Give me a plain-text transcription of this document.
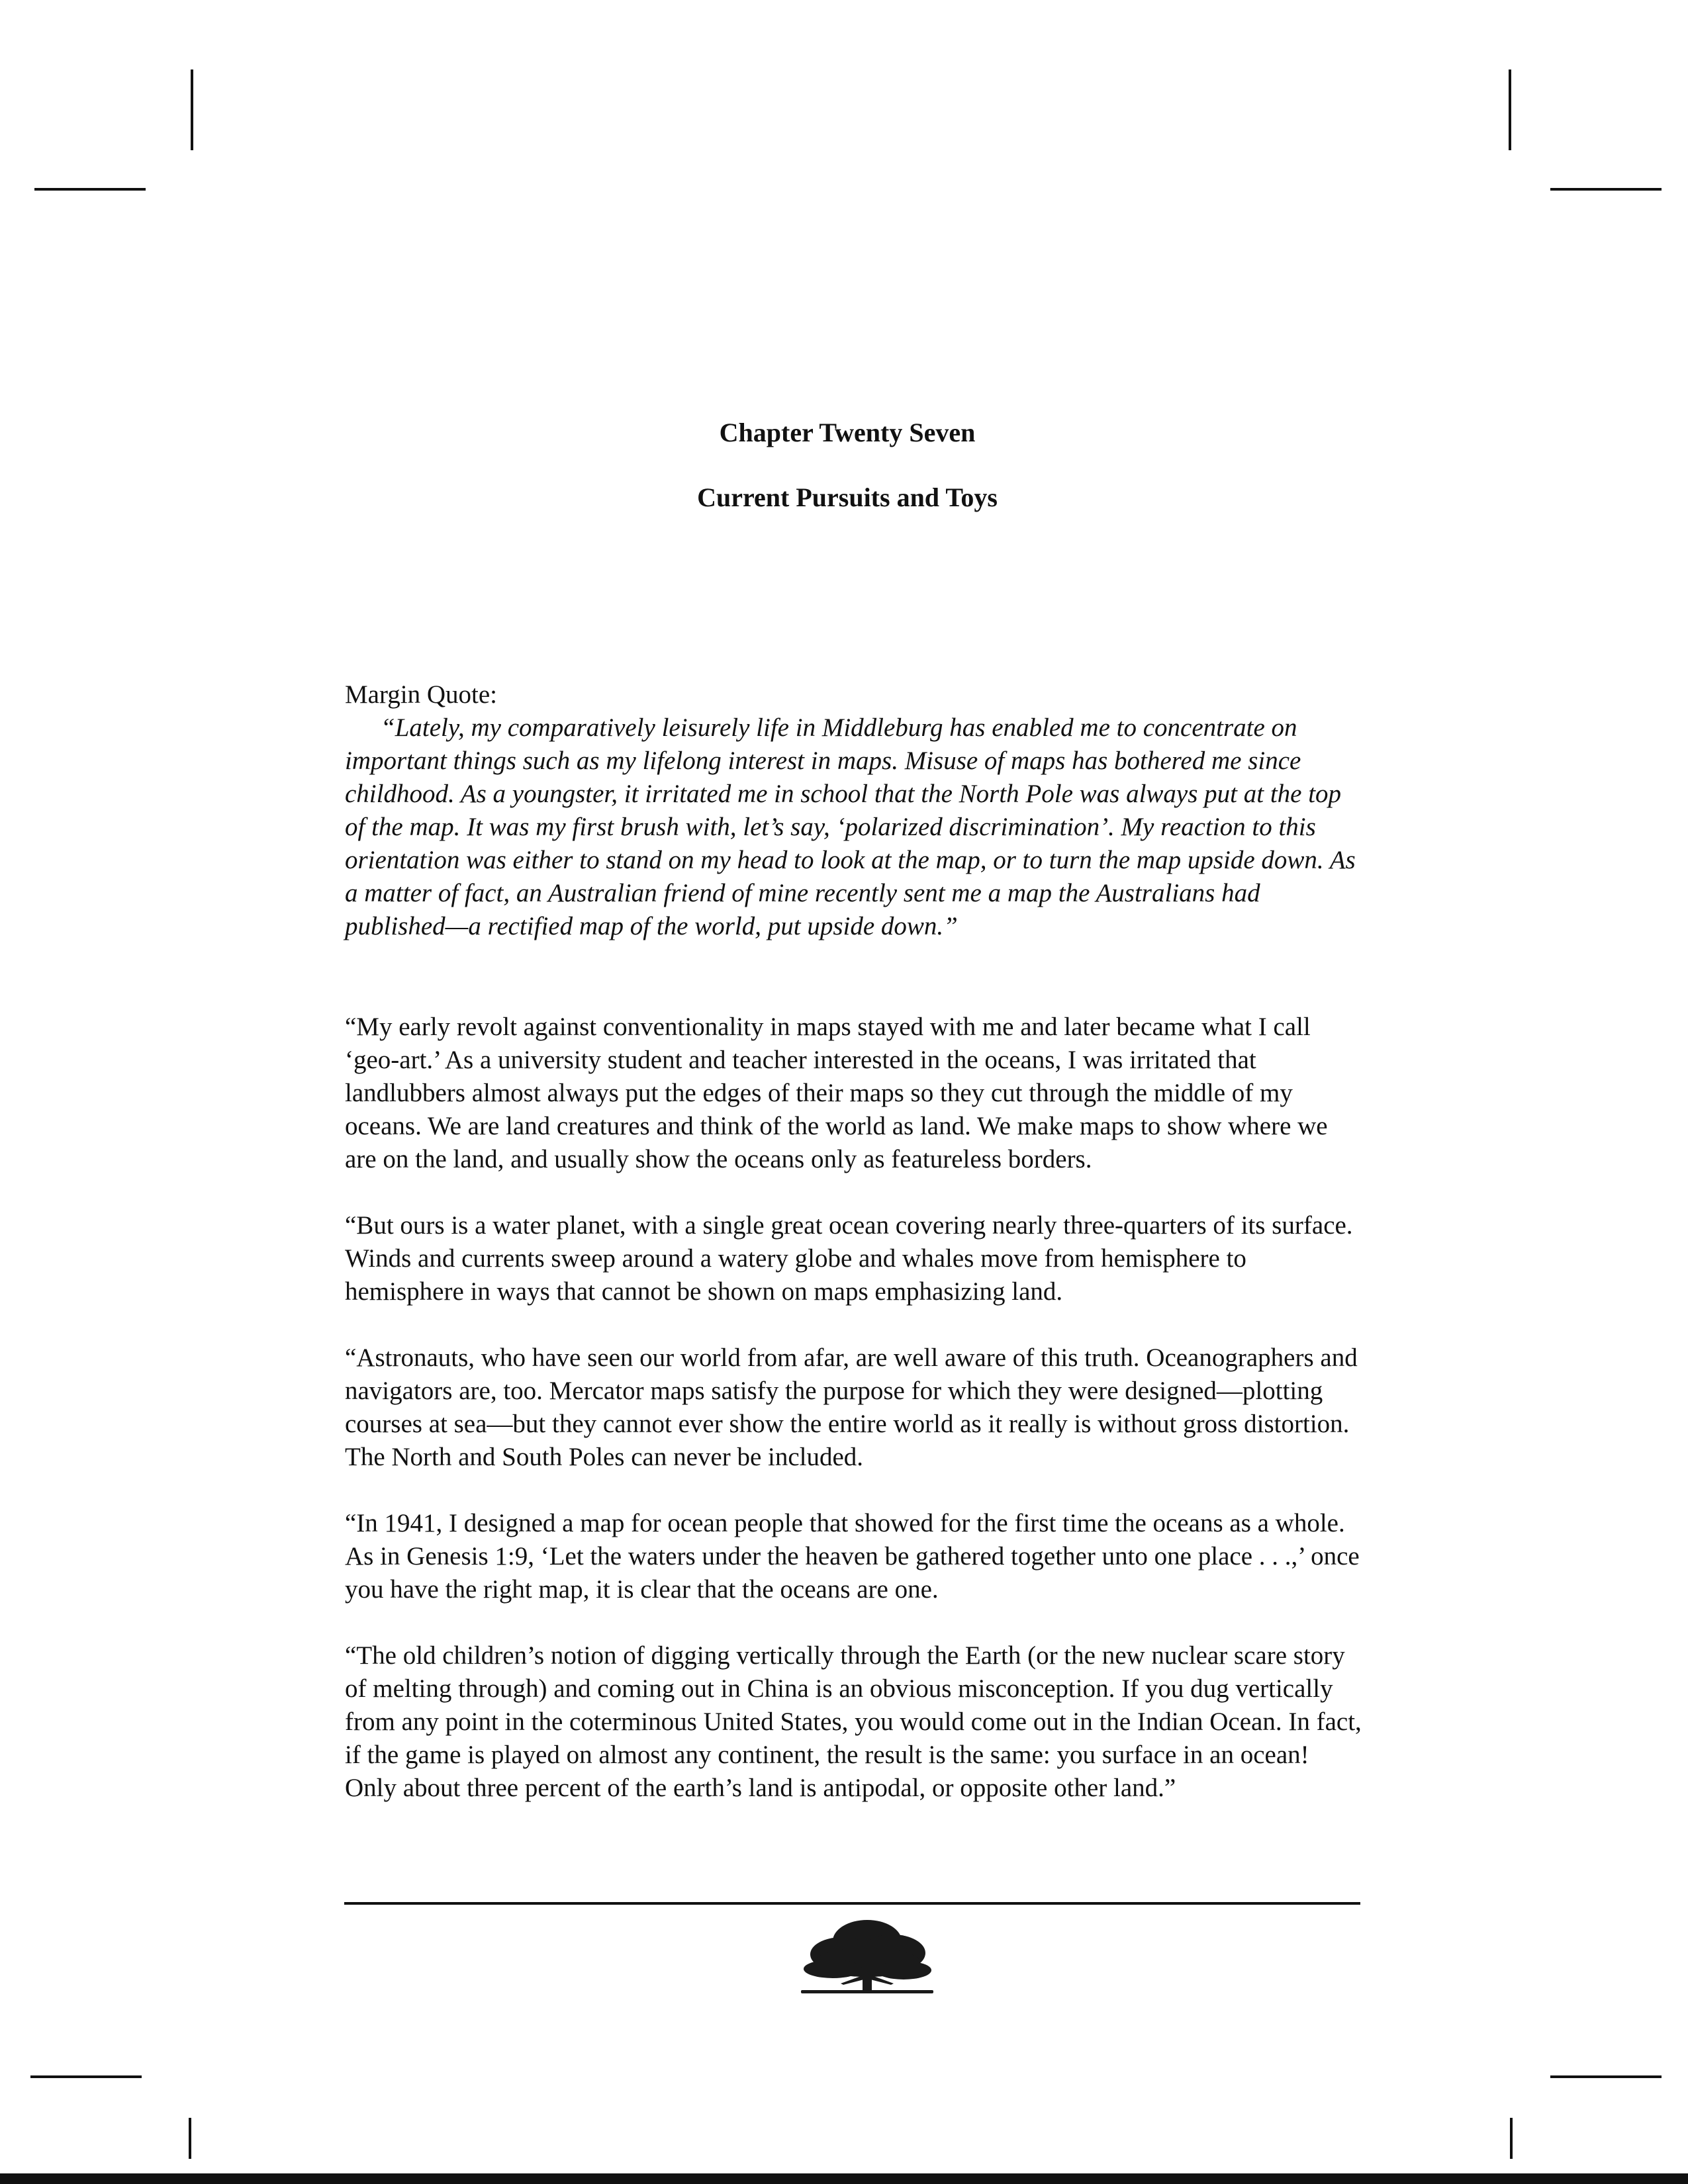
Chapter Twenty Seven
Current Pursuits and Toys
Margin Quote:
“Lately, my comparatively leisurely life in Middleburg has enabled me to concentrate on important things such as my lifelong interest in maps. Misuse of maps has bothered me since childhood. As a youngster, it irritated me in school that the North Pole was always put at the top of the map. It was my first brush with, let’s say, ‘polarized discrimination’. My reaction to this orientation was either to stand on my head to look at the map, or to turn the map upside down. As a matter of fact, an Australian friend of mine recently sent me a map the Australians had published—a rectified map of the world, put upside down.”

“My early revolt against conventionality in maps stayed with me and later became what I call ‘geo-art.’ As a university student and teacher interested in the oceans, I was irritated that landlubbers almost always put the edges of their maps so they cut through the middle of my oceans. We are land creatures and think of the world as land. We make maps to show where we are on the land, and usually show the oceans only as featureless borders.

“But ours is a water planet, with a single great ocean covering nearly three-quarters of its surface. Winds and currents sweep around a watery globe and whales move from hemisphere to hemisphere in ways that cannot be shown on maps emphasizing land.

“Astronauts, who have seen our world from afar, are well aware of this truth. Oceanographers and navigators are, too. Mercator maps satisfy the purpose for which they were designed—plotting courses at sea—but they cannot ever show the entire world as it really is without gross distortion. The North and South Poles can never be included.

“In 1941, I designed a map for ocean people that showed for the first time the oceans as a whole. As in Genesis 1:9, ‘Let the waters under the heaven be gathered together unto one place . . .,’ once you have the right map, it is clear that the oceans are one.

“The old children’s notion of digging vertically through the Earth (or the new nuclear scare story of melting through) and coming out in China is an obvious misconception. If you dug vertically from any point in the coterminous United States, you would come out in the Indian Ocean. In fact, if the game is played on almost any continent, the result is the same: you surface in an ocean! Only about three percent of the earth’s land is antipodal, or opposite other land.”
